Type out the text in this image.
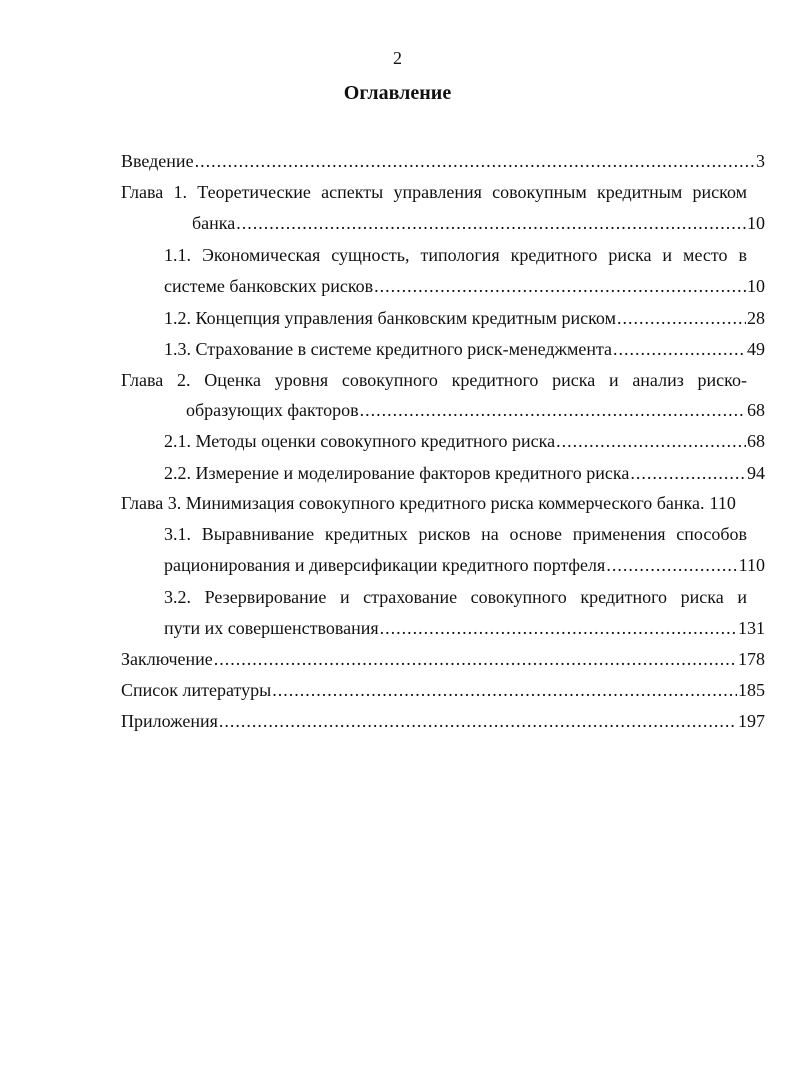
2
Оглавление
Введение .....	3
Глава 1. Теоретические аспекты управления совокупным кредитным риском
банка .....	10
1.1. Экономическая сущность, типология кредитного риска и место в
системе банковских рисков .....	10
1.2. Концепция управления банковским кредитным риском .....	28
1.3. Страхование в системе кредитного риск-менеджмента .....	49
Глава 2. Оценка уровня совокупного кредитного риска и анализ риско-
образующих факторов .....	68
2.1. Методы оценки совокупного кредитного риска .....	68
2.2. Измерение и моделирование факторов кредитного риска .....	94
Глава 3. Минимизация совокупного кредитного риска коммерческого банка. 110
3.1. Выравнивание кредитных рисков на основе применения способов
рационирования и диверсификации кредитного портфеля .....	110
3.2. Резервирование и страхование совокупного кредитного риска и
пути их совершенствования .....	131
Заключение .....	178
Список литературы .....	185
Приложения .....	197
